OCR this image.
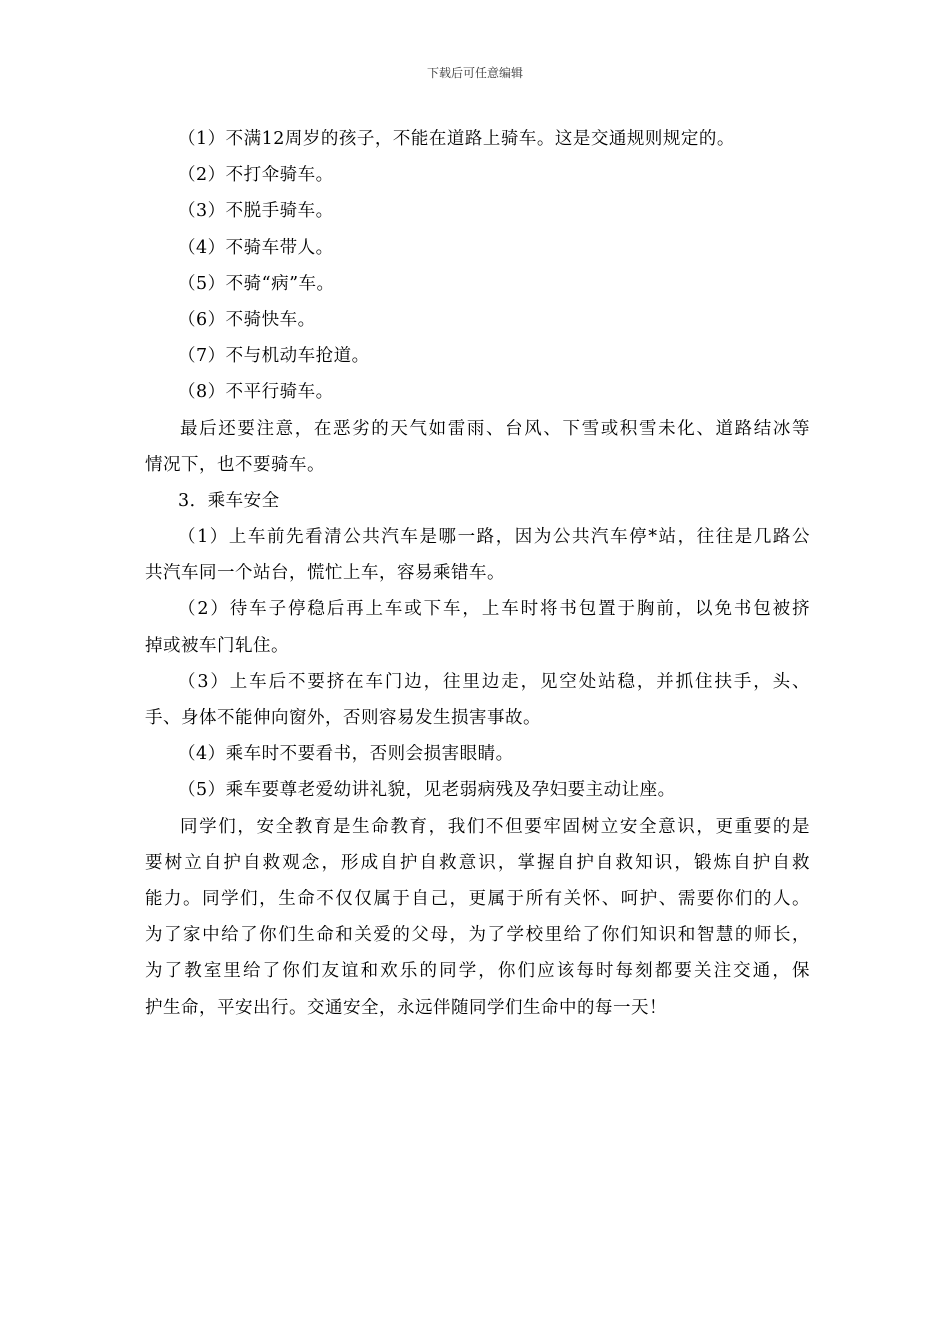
下载后可任意编辑
（1）不满12周岁的孩子，不能在道路上骑车。这是交通规则规定的。
（2）不打伞骑车。
（3）不脱手骑车。
（4）不骑车带人。
（5）不骑“病”车。
（6）不骑快车。
（7）不与机动车抢道。
（8）不平行骑车。
最后还要注意，在恶劣的天气如雷雨、台风、下雪或积雪未化、道路结冰等
情况下，也不要骑车。
3．乘车安全
（1）上车前先看清公共汽车是哪一路，因为公共汽车停*站，往往是几路公
共汽车同一个站台，慌忙上车，容易乘错车。
（2）待车子停稳后再上车或下车，上车时将书包置于胸前，以免书包被挤
掉或被车门轧住。
（3）上车后不要挤在车门边，往里边走，见空处站稳，并抓住扶手，头、
手、身体不能伸向窗外，否则容易发生损害事故。
（4）乘车时不要看书，否则会损害眼睛。
（5）乘车要尊老爱幼讲礼貌，见老弱病残及孕妇要主动让座。
同学们，安全教育是生命教育，我们不但要牢固树立安全意识，更重要的是
要树立自护自救观念，形成自护自救意识，掌握自护自救知识，锻炼自护自救
能力。同学们，生命不仅仅属于自己，更属于所有关怀、呵护、需要你们的人。
为了家中给了你们生命和关爱的父母，为了学校里给了你们知识和智慧的师长，
为了教室里给了你们友谊和欢乐的同学，你们应该每时每刻都要关注交通，保
护生命，平安出行。交通安全，永远伴随同学们生命中的每一天！
